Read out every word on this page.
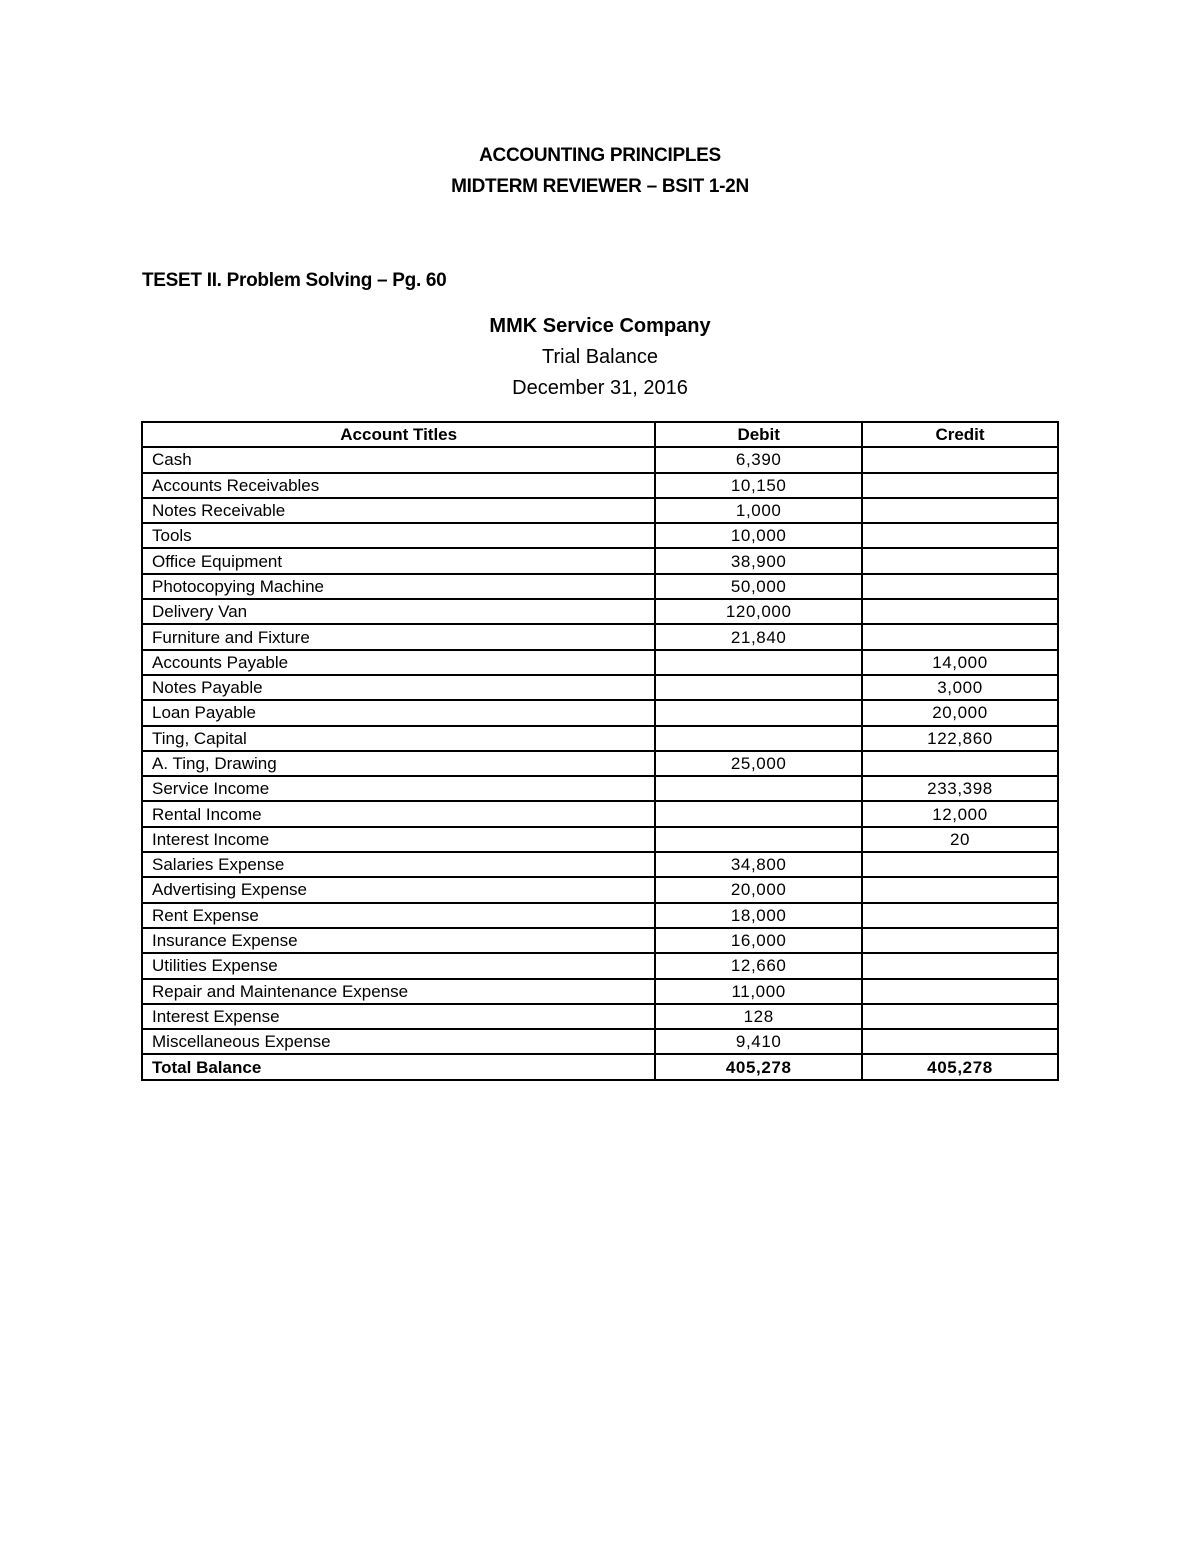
ACCOUNTING PRINCIPLES
MIDTERM REVIEWER – BSIT 1-2N
TESET II. Problem Solving – Pg. 60
MMK Service Company
Trial Balance
December 31, 2016
Account Titles	Debit	Credit
Cash	6,390	
Accounts Receivables	10,150	
Notes Receivable	1,000	
Tools	10,000	
Office Equipment	38,900	
Photocopying Machine	50,000	
Delivery Van	120,000	
Furniture and Fixture	21,840	
Accounts Payable		14,000
Notes Payable		3,000
Loan Payable		20,000
Ting, Capital		122,860
A. Ting, Drawing	25,000	
Service Income		233,398
Rental Income		12,000
Interest Income		20
Salaries Expense	34,800	
Advertising Expense	20,000	
Rent Expense	18,000	
Insurance Expense	16,000	
Utilities Expense	12,660	
Repair and Maintenance Expense	11,000	
Interest Expense	128	
Miscellaneous Expense	9,410	
Total Balance	405,278	405,278
